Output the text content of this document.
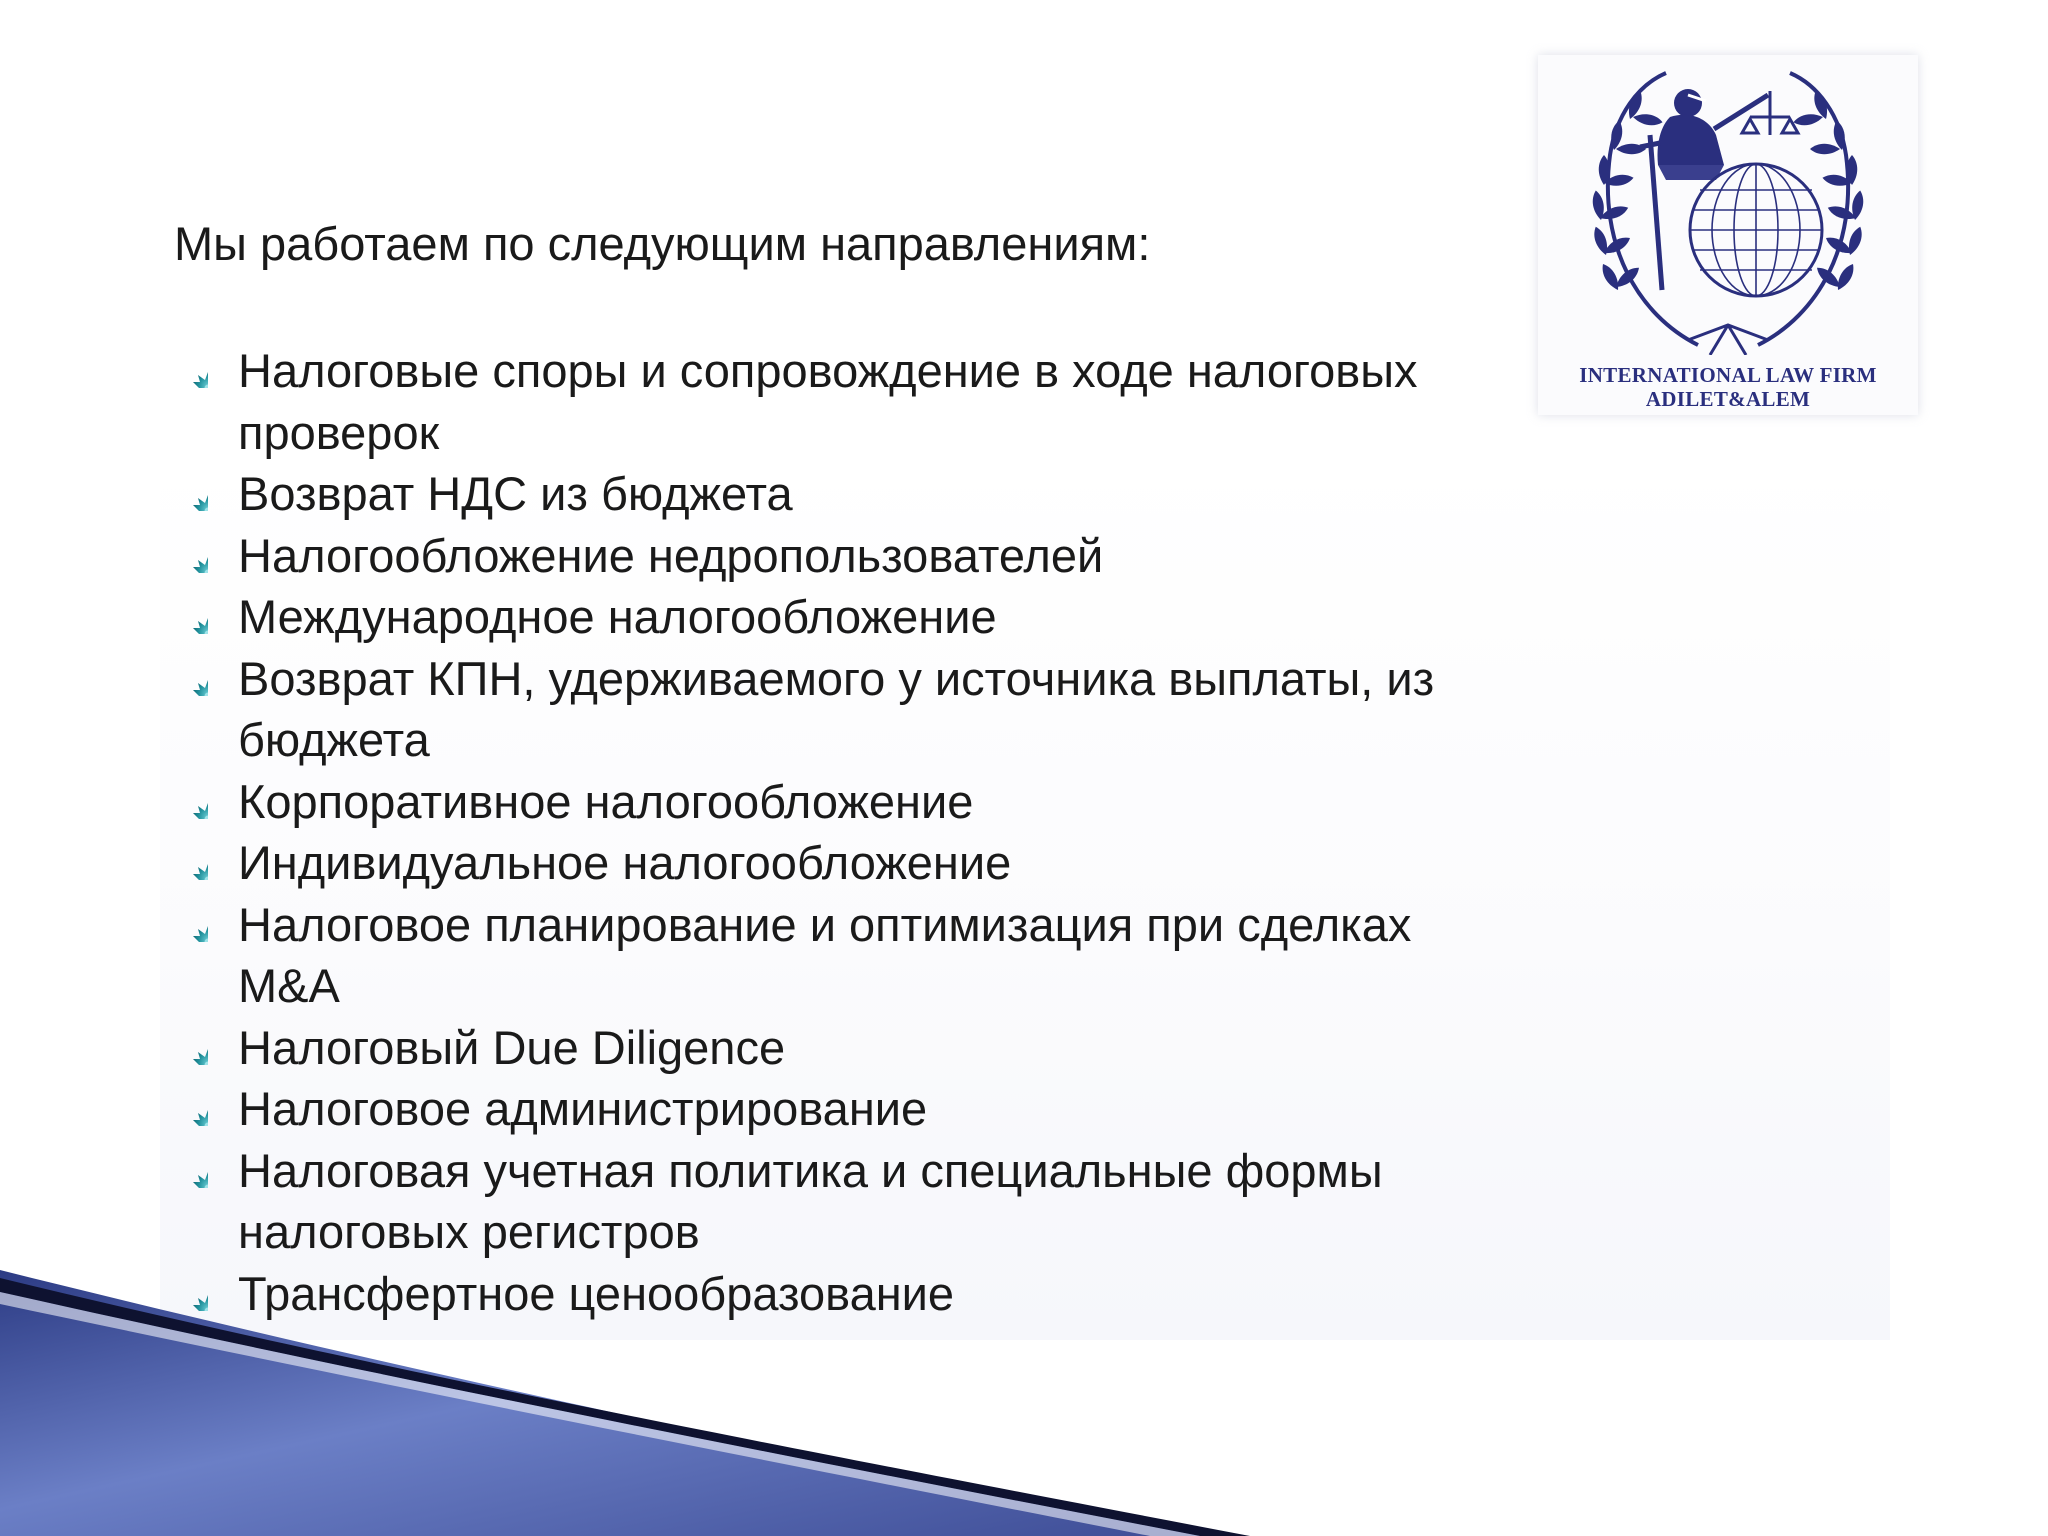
Мы работаем по следующим направлениям:
Налоговые споры и сопровождение в ходе налоговых
проверок
Возврат НДС из бюджета
Налогообложение недропользователей
Международное налогообложение
Возврат КПН, удерживаемого у источника выплаты, из
бюджета
Корпоративное налогообложение
Индивидуальное налогообложение
Налоговое планирование и оптимизация при сделках
M&A
Налоговый Due Diligence
Налоговое администрирование
Налоговая учетная политика и специальные формы
налоговых регистров
Трансфертное ценообразование
INTERNATIONAL LAW FIRM
ADILET&ALEM
